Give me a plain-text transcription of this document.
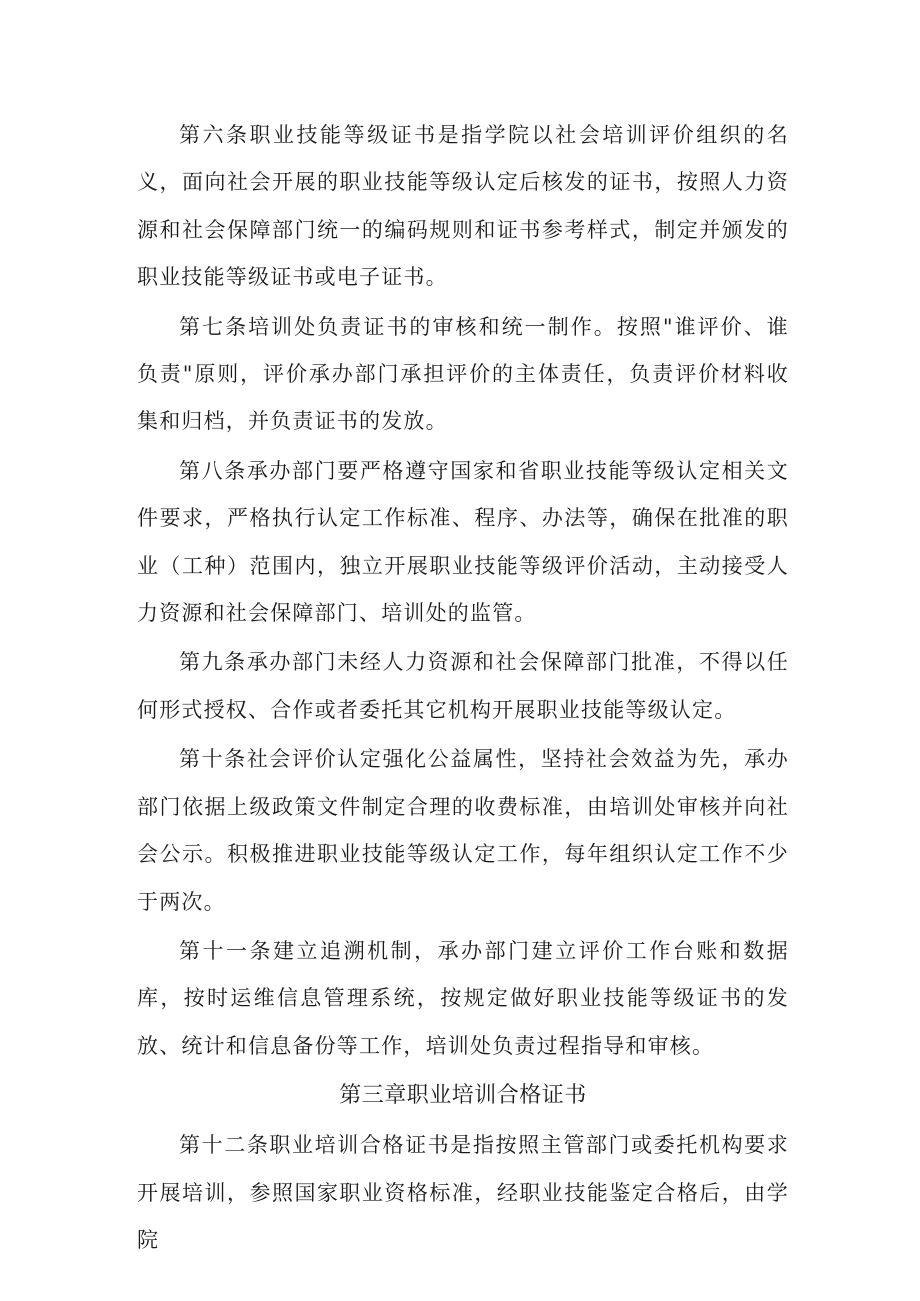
第六条职业技能等级证书是指学院以社会培训评价组织的名义，面向社会开展的职业技能等级认定后核发的证书，按照人力资源和社会保障部门统一的编码规则和证书参考样式，制定并颁发的职业技能等级证书或电子证书。

第七条培训处负责证书的审核和统一制作。按照"谁评价、谁负责"原则，评价承办部门承担评价的主体责任，负责评价材料收集和归档，并负责证书的发放。

第八条承办部门要严格遵守国家和省职业技能等级认定相关文件要求，严格执行认定工作标准、程序、办法等，确保在批准的职业（工种）范围内，独立开展职业技能等级评价活动，主动接受人力资源和社会保障部门、培训处的监管。

第九条承办部门未经人力资源和社会保障部门批准，不得以任何形式授权、合作或者委托其它机构开展职业技能等级认定。

第十条社会评价认定强化公益属性，坚持社会效益为先，承办部门依据上级政策文件制定合理的收费标准，由培训处审核并向社会公示。积极推进职业技能等级认定工作，每年组织认定工作不少于两次。

第十一条建立追溯机制，承办部门建立评价工作台账和数据库，按时运维信息管理系统，按规定做好职业技能等级证书的发放、统计和信息备份等工作，培训处负责过程指导和审核。

第三章职业培训合格证书

第十二条职业培训合格证书是指按照主管部门或委托机构要求开展培训，参照国家职业资格标准，经职业技能鉴定合格后，由学院
